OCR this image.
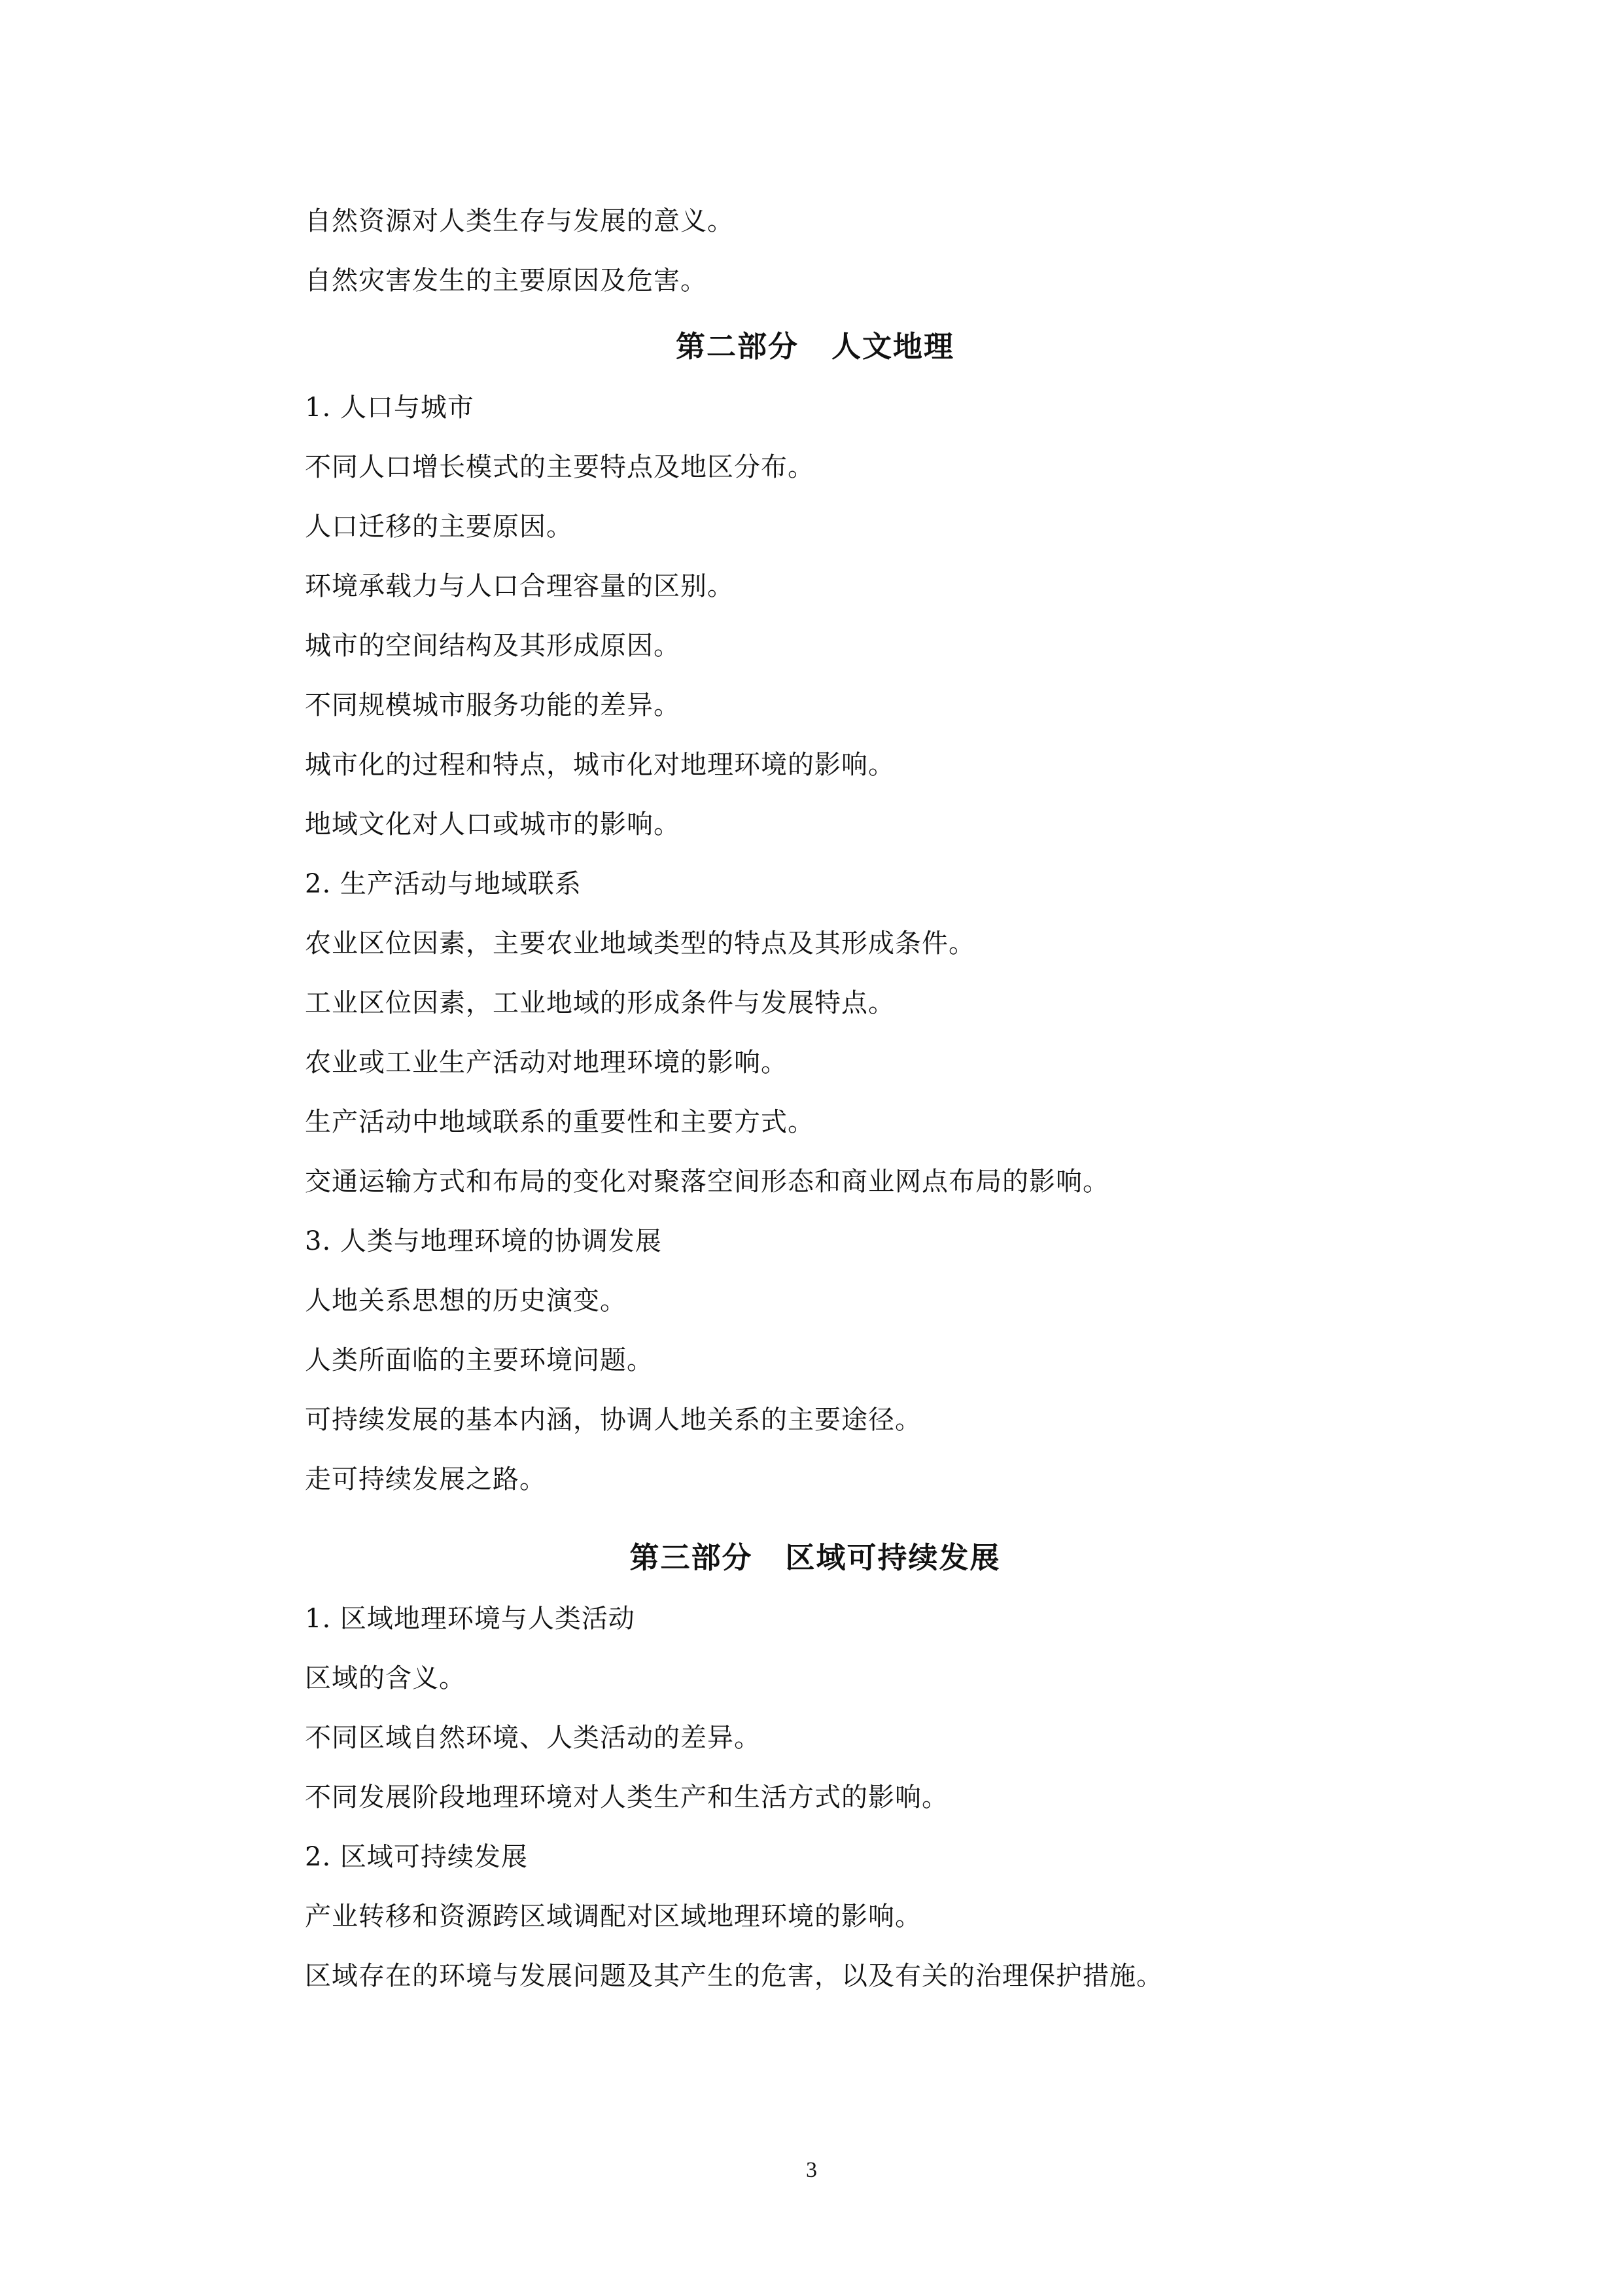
自然资源对人类生存与发展的意义。
自然灾害发生的主要原因及危害。
第二部分 人文地理
1. 人口与城市
不同人口增长模式的主要特点及地区分布。
人口迁移的主要原因。
环境承载力与人口合理容量的区别。
城市的空间结构及其形成原因。
不同规模城市服务功能的差异。
城市化的过程和特点，城市化对地理环境的影响。
地域文化对人口或城市的影响。
2. 生产活动与地域联系
农业区位因素，主要农业地域类型的特点及其形成条件。
工业区位因素，工业地域的形成条件与发展特点。
农业或工业生产活动对地理环境的影响。
生产活动中地域联系的重要性和主要方式。
交通运输方式和布局的变化对聚落空间形态和商业网点布局的影响。
3. 人类与地理环境的协调发展
人地关系思想的历史演变。
人类所面临的主要环境问题。
可持续发展的基本内涵，协调人地关系的主要途径。
走可持续发展之路。
第三部分 区域可持续发展
1. 区域地理环境与人类活动
区域的含义。
不同区域自然环境、人类活动的差异。
不同发展阶段地理环境对人类生产和生活方式的影响。
2. 区域可持续发展
产业转移和资源跨区域调配对区域地理环境的影响。
区域存在的环境与发展问题及其产生的危害，以及有关的治理保护措施。
3
